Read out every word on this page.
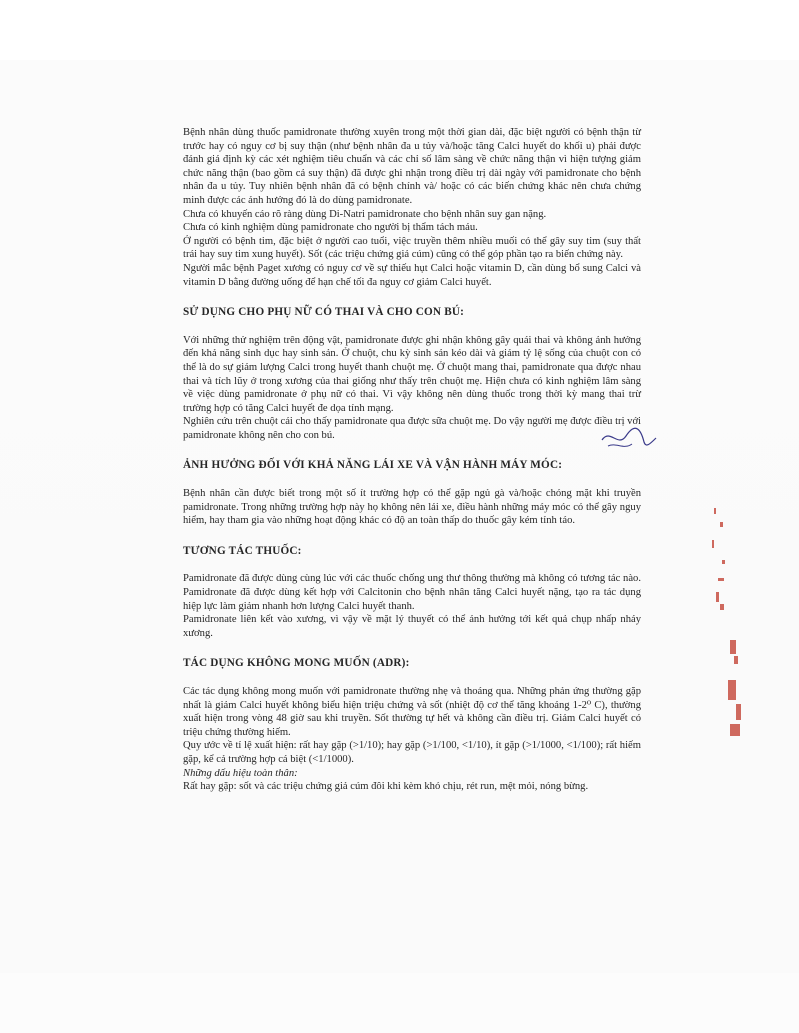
Bệnh nhân dùng thuốc pamidronate thường xuyên trong một thời gian dài, đặc biệt người có bệnh thận từ trước hay có nguy cơ bị suy thận (như bệnh nhân đa u tủy và/hoặc tăng Calci huyết do khối u) phải được đánh giá định kỳ các xét nghiệm tiêu chuẩn và các chỉ số lâm sàng về chức năng thận vì hiện tượng giảm chức năng thận (bao gồm cả suy thận) đã được ghi nhận trong điều trị dài ngày với pamidronate cho bệnh nhân đa u tủy. Tuy nhiên bệnh nhân đã có bệnh chính và/ hoặc có các biến chứng khác nên chưa chứng minh được các ảnh hưởng đó là do dùng pamidronate.

Chưa có khuyến cáo rõ ràng dùng Di-Natri pamidronate cho bệnh nhân suy gan nặng.

Chưa có kinh nghiệm dùng pamidronate cho người bị thẩm tách máu.

Ở người có bệnh tim, đặc biệt ở người cao tuổi, việc truyền thêm nhiều muối có thể gây suy tim (suy thất trái hay suy tim xung huyết). Sốt (các triệu chứng giả cúm) cũng có thể góp phần tạo ra biến chứng này.

Người mắc bệnh Paget xương có nguy cơ về sự thiếu hụt Calci hoặc vitamin D, cần dùng bổ sung Calci và vitamin D bằng đường uống để hạn chế tối đa nguy cơ giảm Calci huyết.

SỬ DỤNG CHO PHỤ NỮ CÓ THAI VÀ CHO CON BÚ:

Với những thử nghiệm trên động vật, pamidronate được ghi nhận không gây quái thai và không ảnh hưởng đến khả năng sinh dục hay sinh sản. Ở chuột, chu kỳ sinh sản kéo dài và giảm tỷ lệ sống của chuột con có thể là do sự giảm lượng Calci trong huyết thanh chuột mẹ. Ở chuột mang thai, pamidronate qua được nhau thai và tích lũy ở trong xương của thai giống như thấy trên chuột mẹ. Hiện chưa có kinh nghiệm lâm sàng về việc dùng pamidronate ở phụ nữ có thai. Vì vậy không nên dùng thuốc trong thời kỳ mang thai trừ trường hợp có tăng Calci huyết đe dọa tính mạng.

Nghiên cứu trên chuột cái cho thấy pamidronate qua được sữa chuột mẹ. Do vậy người mẹ được điều trị với pamidronate không nên cho con bú.

ẢNH HƯỞNG ĐỐI VỚI KHẢ NĂNG LÁI XE VÀ VẬN HÀNH MÁY MÓC:

Bệnh nhân cần được biết trong một số ít trường hợp có thể gặp ngủ gà và/hoặc chóng mặt khi truyền pamidronate. Trong những trường hợp này họ không nên lái xe, điều hành những máy móc có thể gây nguy hiểm, hay tham gia vào những hoạt động khác có độ an toàn thấp do thuốc gây kém tỉnh táo.

TƯƠNG TÁC THUỐC:

Pamidronate đã được dùng cùng lúc với các thuốc chống ung thư thông thường mà không có tương tác nào. Pamidronate đã được dùng kết hợp với Calcitonin cho bệnh nhân tăng Calci huyết nặng, tạo ra tác dụng hiệp lực làm giảm nhanh hơn lượng Calci huyết thanh.

Pamidronate liên kết vào xương, vì vậy về mặt lý thuyết có thể ảnh hưởng tới kết quả chụp nhấp nháy xương.

TÁC DỤNG KHÔNG MONG MUỐN (ADR):

Các tác dụng không mong muốn với pamidronate thường nhẹ và thoáng qua. Những phản ứng thường gặp nhất là giảm Calci huyết không biểu hiện triệu chứng và sốt (nhiệt độ cơ thể tăng khoảng 1-2⁰ C), thường xuất hiện trong vòng 48 giờ sau khi truyền. Sốt thường tự hết và không cần điều trị. Giảm Calci huyết có triệu chứng thường hiếm.

Quy ước về tỉ lệ xuất hiện: rất hay gặp (>1/10); hay gặp (>1/100, <1/10), ít gặp (>1/1000, <1/100); rất hiếm gặp, kể cả trường hợp cá biệt (<1/1000).

Những dấu hiệu toàn thân:

Rất hay gặp: sốt và các triệu chứng giả cúm đôi khi kèm khó chịu, rét run, mệt mỏi, nóng bừng.
